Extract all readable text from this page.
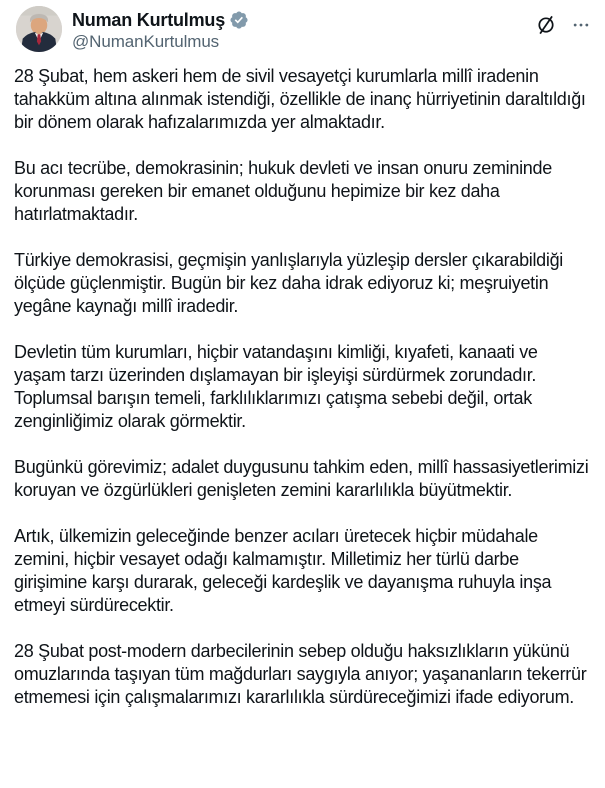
Numan Kurtulmuş
@NumanKurtulmus

28 Şubat, hem askeri hem de sivil vesayetçi kurumlarla millî iradenin tahakküm altına alınmak istendiği, özellikle de inanç hürriyetinin daraltıldığı bir dönem olarak hafızalarımızda yer almaktadır.

Bu acı tecrübe, demokrasinin; hukuk devleti ve insan onuru zemininde korunması gereken bir emanet olduğunu hepimize bir kez daha hatırlatmaktadır.

Türkiye demokrasisi, geçmişin yanlışlarıyla yüzleşip dersler çıkarabildiği ölçüde güçlenmiştir. Bugün bir kez daha idrak ediyoruz ki; meşruiyetin yegâne kaynağı millî iradedir.

Devletin tüm kurumları, hiçbir vatandaşını kimliği, kıyafeti, kanaati ve yaşam tarzı üzerinden dışlamayan bir işleyişi sürdürmek zorundadır. Toplumsal barışın temeli, farklılıklarımızı çatışma sebebi değil, ortak zenginliğimiz olarak görmektir.

Bugünkü görevimiz; adalet duygusunu tahkim eden, millî hassasiyetlerimizi koruyan ve özgürlükleri genişleten zemini kararlılıkla büyütmektir.

Artık, ülkemizin geleceğinde benzer acıları üretecek hiçbir müdahale zemini, hiçbir vesayet odağı kalmamıştır. Milletimiz her türlü darbe girişimine karşı durarak, geleceği kardeşlik ve dayanışma ruhuyla inşa etmeyi sürdürecektir.

28 Şubat post-modern darbecilerinin sebep olduğu haksızlıkların yükünü omuzlarında taşıyan tüm mağdurları saygıyla anıyor; yaşananların tekerrür etmemesi için çalışmalarımızı kararlılıkla sürdüreceğimizi ifade ediyorum.
